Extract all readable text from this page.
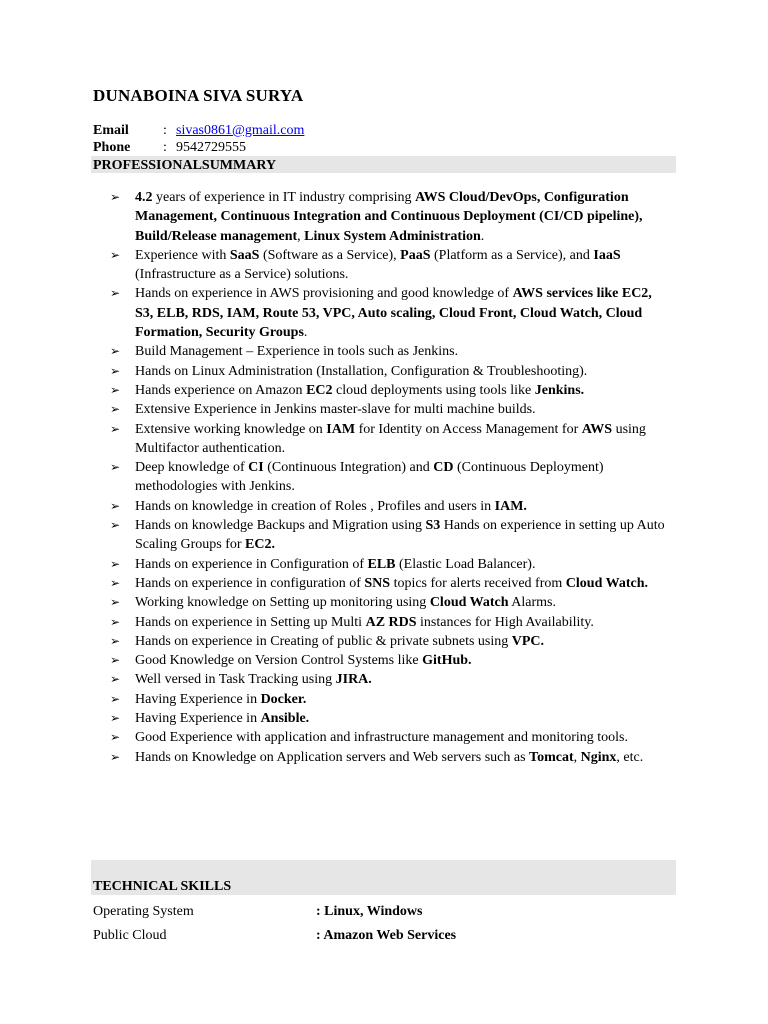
DUNABOINA SIVA SURYA
Email	: sivas0861@gmail.com
Phone	: 9542729555
PROFESSIONALSUMMARY
➢ 4.2 years of experience in IT industry comprising AWS Cloud/DevOps, Configuration Management, Continuous Integration and Continuous Deployment (CI/CD pipeline), Build/Release management, Linux System Administration.
➢ Experience with SaaS (Software as a Service), PaaS (Platform as a Service), and IaaS (Infrastructure as a Service) solutions.
➢ Hands on experience in AWS provisioning and good knowledge of AWS services like EC2, S3, ELB, RDS, IAM, Route 53, VPC, Auto scaling, Cloud Front, Cloud Watch, Cloud Formation, Security Groups.
➢ Build Management – Experience in tools such as Jenkins.
➢ Hands on Linux Administration (Installation, Configuration & Troubleshooting).
➢ Hands experience on Amazon EC2 cloud deployments using tools like Jenkins.
➢ Extensive Experience in Jenkins master-slave for multi machine builds.
➢ Extensive working knowledge on IAM for Identity on Access Management for AWS using Multifactor authentication.
➢ Deep knowledge of CI (Continuous Integration) and CD (Continuous Deployment) methodologies with Jenkins.
➢ Hands on knowledge in creation of Roles , Profiles and users in IAM.
➢ Hands on knowledge Backups and Migration using S3 Hands on experience in setting up Auto Scaling Groups for EC2.
➢ Hands on experience in Configuration of ELB (Elastic Load Balancer).
➢ Hands on experience in configuration of SNS topics for alerts received from Cloud Watch.
➢ Working knowledge on Setting up monitoring using Cloud Watch Alarms.
➢ Hands on experience in Setting up Multi AZ RDS instances for High Availability.
➢ Hands on experience in Creating of public & private subnets using VPC.
➢ Good Knowledge on Version Control Systems like GitHub.
➢ Well versed in Task Tracking using JIRA.
➢ Having Experience in Docker.
➢ Having Experience in Ansible.
➢ Good Experience with application and infrastructure management and monitoring tools.
➢ Hands on Knowledge on Application servers and Web servers such as Tomcat, Nginx, etc.
TECHNICAL SKILLS
Operating System	: Linux, Windows
Public Cloud	: Amazon Web Services
